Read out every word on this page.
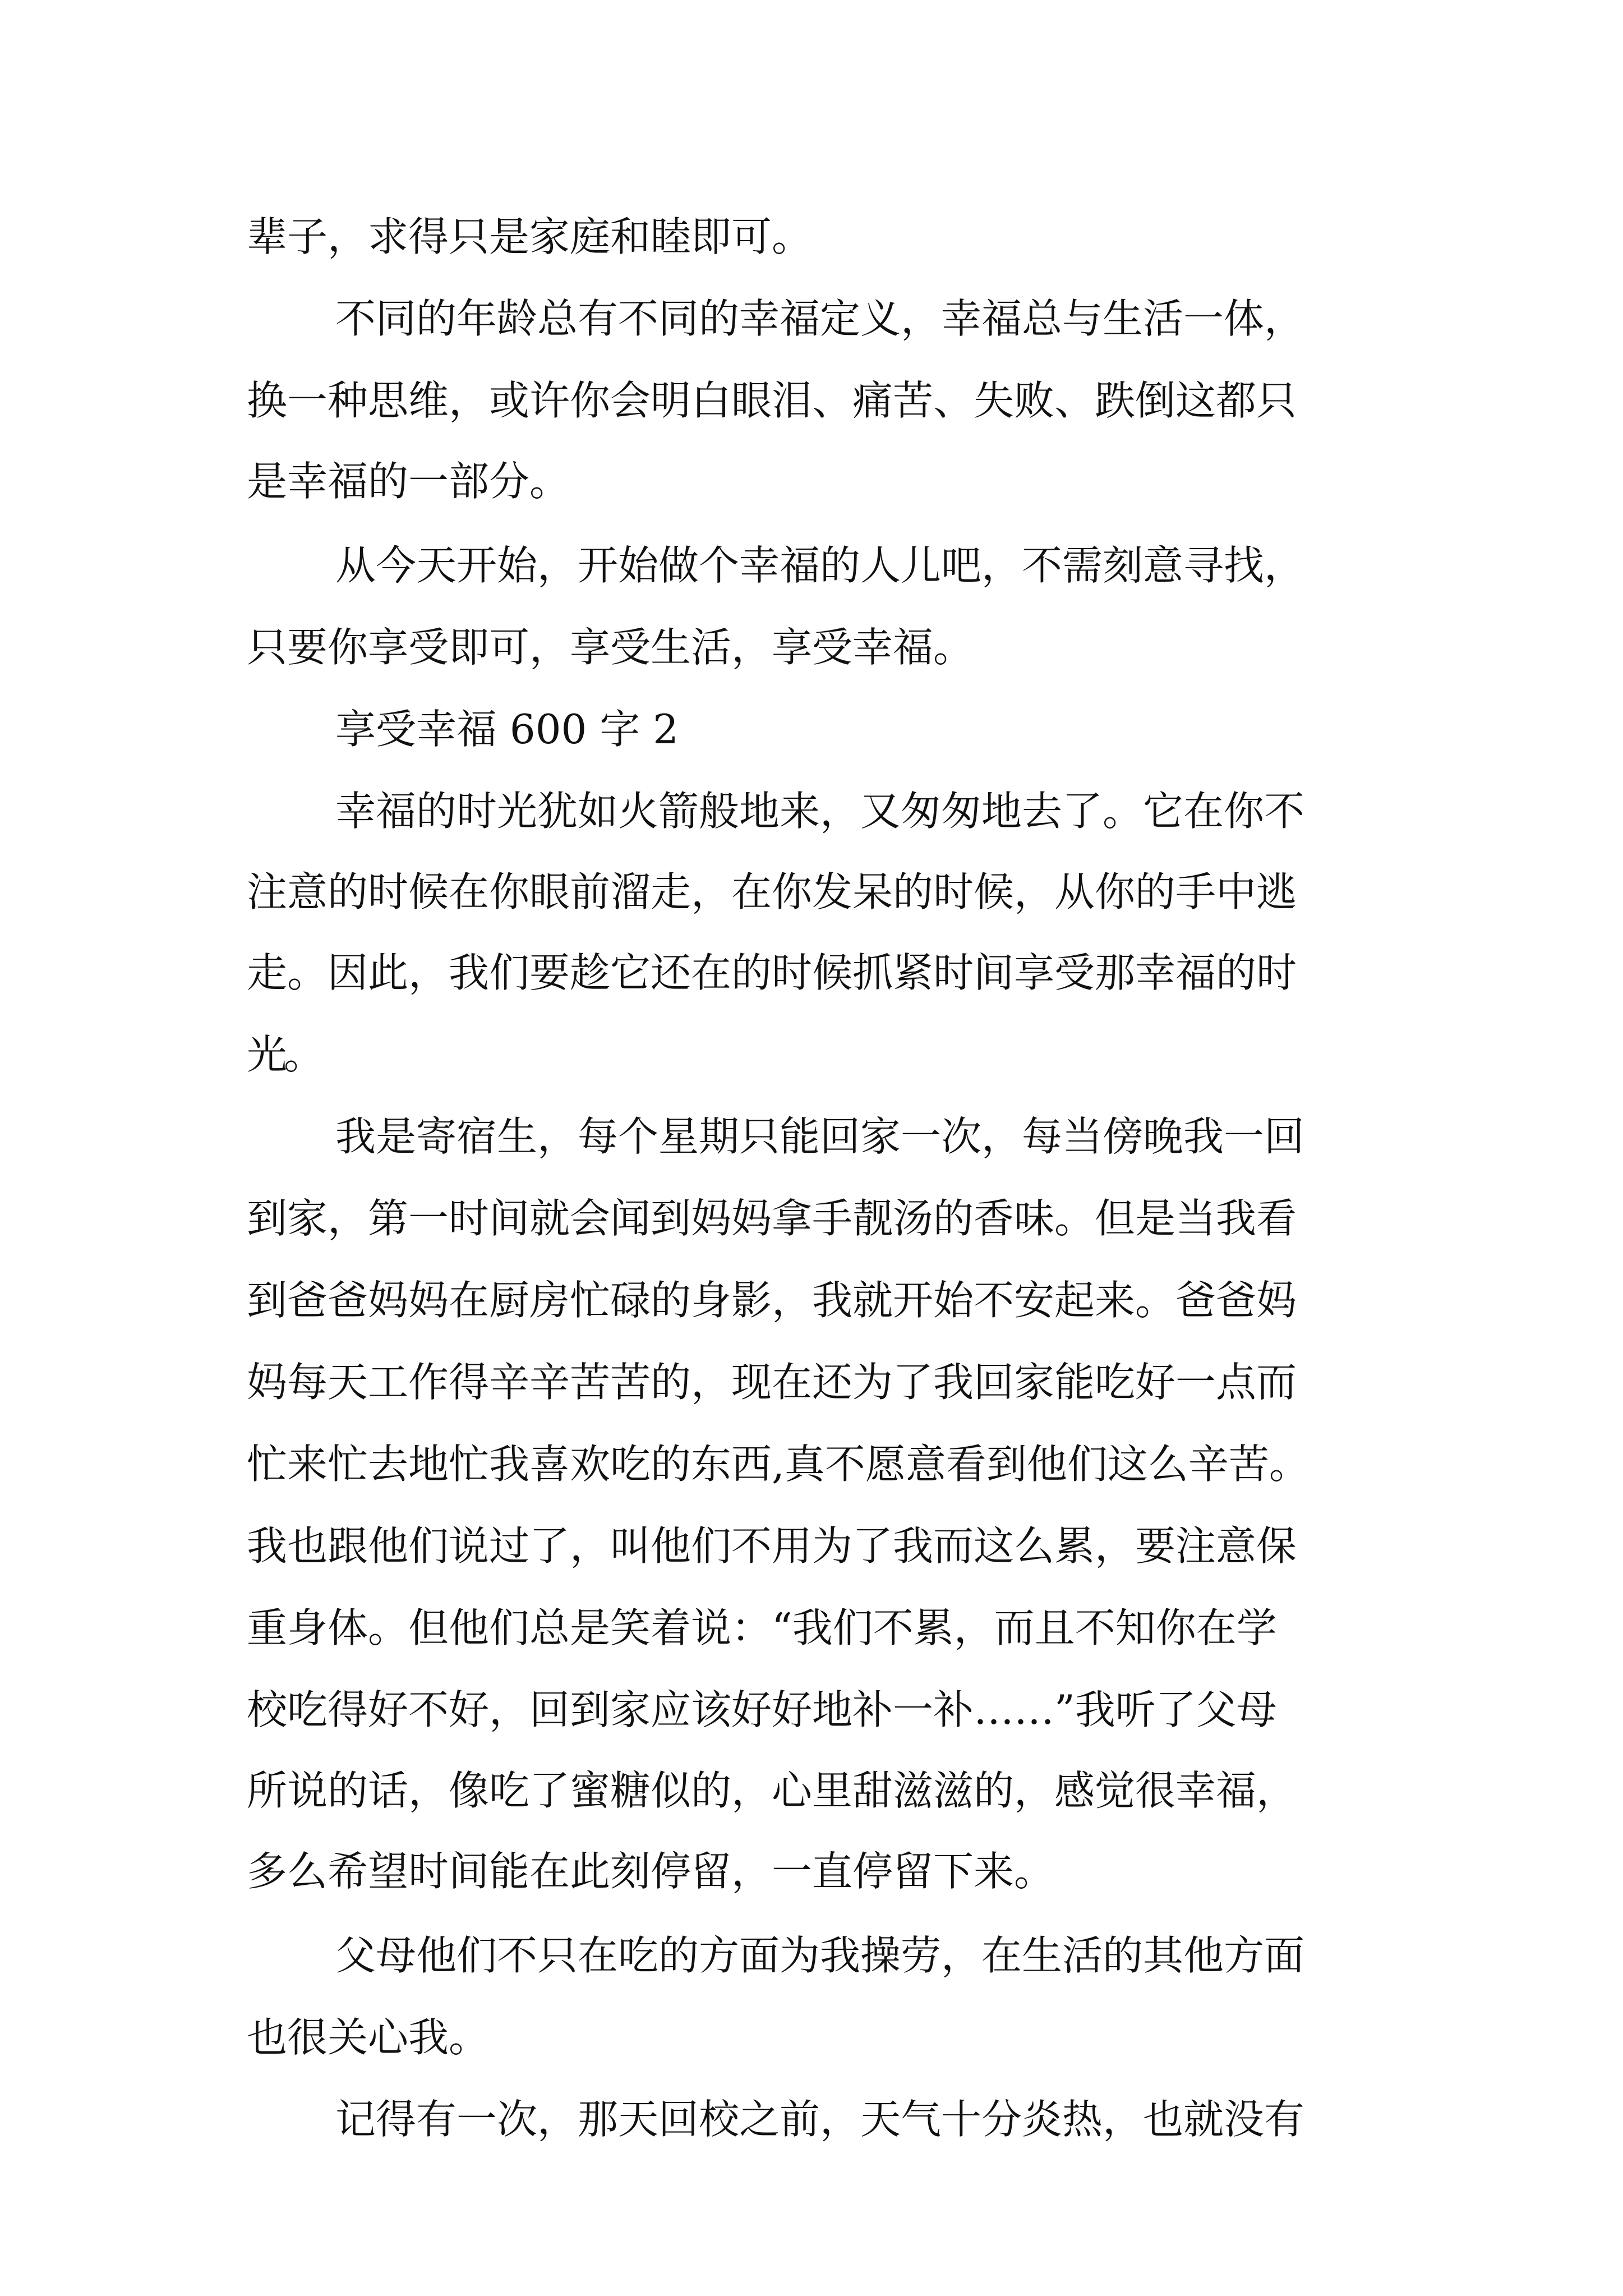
辈子，求得只是家庭和睦即可。

不同的年龄总有不同的幸福定义，幸福总与生活一体，

换一种思维，或许你会明白眼泪、痛苦、失败、跌倒这都只

是幸福的一部分。

从今天开始，开始做个幸福的人儿吧，不需刻意寻找，

只要你享受即可，享受生活，享受幸福。

享受幸福 600 字 2

幸福的时光犹如火箭般地来，又匆匆地去了。它在你不

注意的时候在你眼前溜走，在你发呆的时候，从你的手中逃

走。因此，我们要趁它还在的时候抓紧时间享受那幸福的时

光。

我是寄宿生，每个星期只能回家一次，每当傍晚我一回

到家，第一时间就会闻到妈妈拿手靓汤的香味。但是当我看

到爸爸妈妈在厨房忙碌的身影，我就开始不安起来。爸爸妈

妈每天工作得辛辛苦苦的，现在还为了我回家能吃好一点而

忙来忙去地忙我喜欢吃的东西,真不愿意看到他们这么辛苦。

我也跟他们说过了，叫他们不用为了我而这么累，要注意保

重身体。但他们总是笑着说：“我们不累，而且不知你在学

校吃得好不好，回到家应该好好地补一补……”我听了父母

所说的话，像吃了蜜糖似的，心里甜滋滋的，感觉很幸福，

多么希望时间能在此刻停留，一直停留下来。

父母他们不只在吃的方面为我操劳，在生活的其他方面

也很关心我。

记得有一次，那天回校之前，天气十分炎热，也就没有
